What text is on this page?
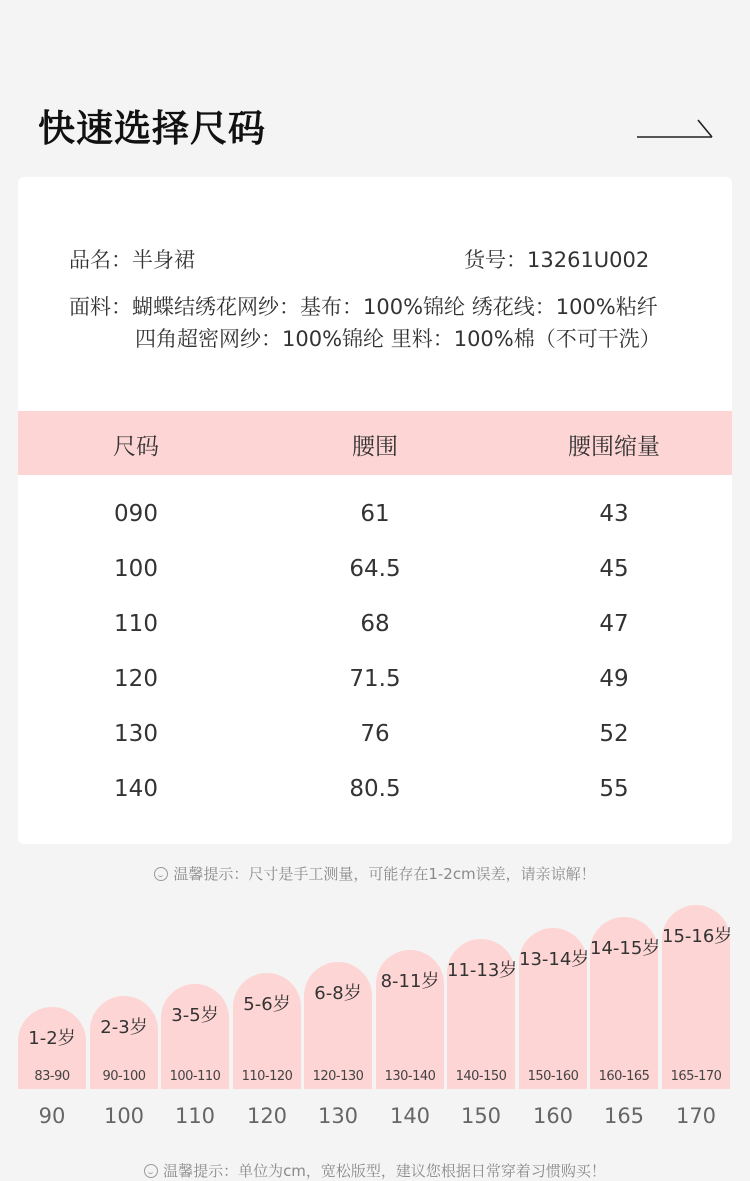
快速选择尺码
品名：半身裙	货号：13261U002
面料：蝴蝶结绣花网纱：基布：100%锦纶 绣花线：100%粘纤
四角超密网纱：100%锦纶 里料：100%棉（不可干洗）
尺码	腰围	腰围缩量
090	61	43
100	64.5	45
110	68	47
120	71.5	49
130	76	52
140	80.5	55
温馨提示：尺寸是手工测量，可能存在1-2cm误差，请亲谅解！
1-2岁
83-90
90
2-3岁
90-100
100
3-5岁
100-110
110
5-6岁
110-120
120
6-8岁
120-130
130
8-11岁
130-140
140
11-13岁
140-150
150
13-14岁
150-160
160
14-15岁
160-165
165
15-16岁
165-170
170
温馨提示：单位为cm，宽松版型，建议您根据日常穿着习惯购买！
